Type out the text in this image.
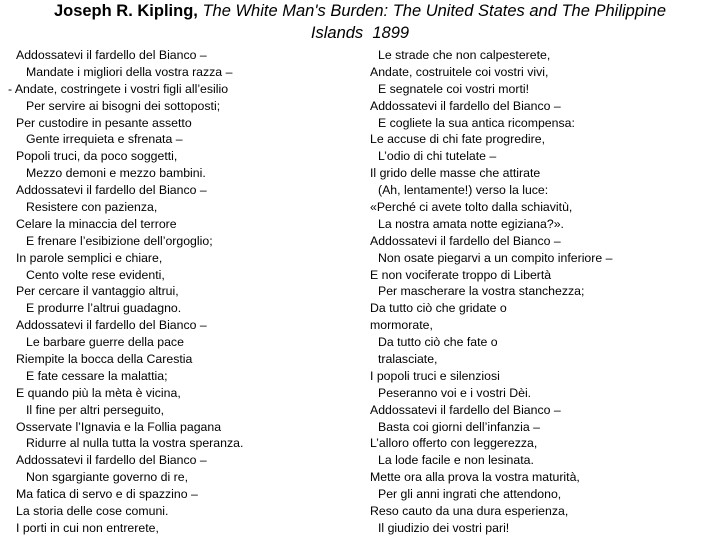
Joseph R. Kipling, The White Man's Burden: The United States and The Philippine
Islands 1899
Addossatevi il fardello del Bianco –
Mandate i migliori della vostra razza –
- Andate, costringete i vostri figli all’esilio
Per servire ai bisogni dei sottoposti;
Per custodire in pesante assetto
Gente irrequieta e sfrenata –
Popoli truci, da poco soggetti,
Mezzo demoni e mezzo bambini.
Addossatevi il fardello del Bianco –
Resistere con pazienza,
Celare la minaccia del terrore
E frenare l’esibizione dell’orgoglio;
In parole semplici e chiare,
Cento volte rese evidenti,
Per cercare il vantaggio altrui,
E produrre l’altrui guadagno.
Addossatevi il fardello del Bianco –
Le barbare guerre della pace
Riempite la bocca della Carestia
E fate cessare la malattia;
E quando più la mèta è vicina,
Il fine per altri perseguito,
Osservate l’Ignavia e la Follia pagana
Ridurre al nulla tutta la vostra speranza.
Addossatevi il fardello del Bianco –
Non sgargiante governo di re,
Ma fatica di servo e di spazzino –
La storia delle cose comuni.
I porti in cui non entrerete,
Le strade che non calpesterete,
Andate, costruitele coi vostri vivi,
E segnatele coi vostri morti!
Addossatevi il fardello del Bianco –
E cogliete la sua antica ricompensa:
Le accuse di chi fate progredire,
L’odio di chi tutelate –
Il grido delle masse che attirate
(Ah, lentamente!) verso la luce:
«Perché ci avete tolto dalla schiavitù,
La nostra amata notte egiziana?».
Addossatevi il fardello del Bianco –
Non osate piegarvi a un compito inferiore –
E non vociferate troppo di Libertà
Per mascherare la vostra stanchezza;
Da tutto ciò che gridate o
mormorate,
Da tutto ciò che fate o
tralasciate,
I popoli truci e silenziosi
Peseranno voi e i vostri Dèi.
Addossatevi il fardello del Bianco –
Basta coi giorni dell’infanzia –
L’alloro offerto con leggerezza,
La lode facile e non lesinata.
Mette ora alla prova la vostra maturità,
Per gli anni ingrati che attendono,
Reso cauto da una dura esperienza,
Il giudizio dei vostri pari!
